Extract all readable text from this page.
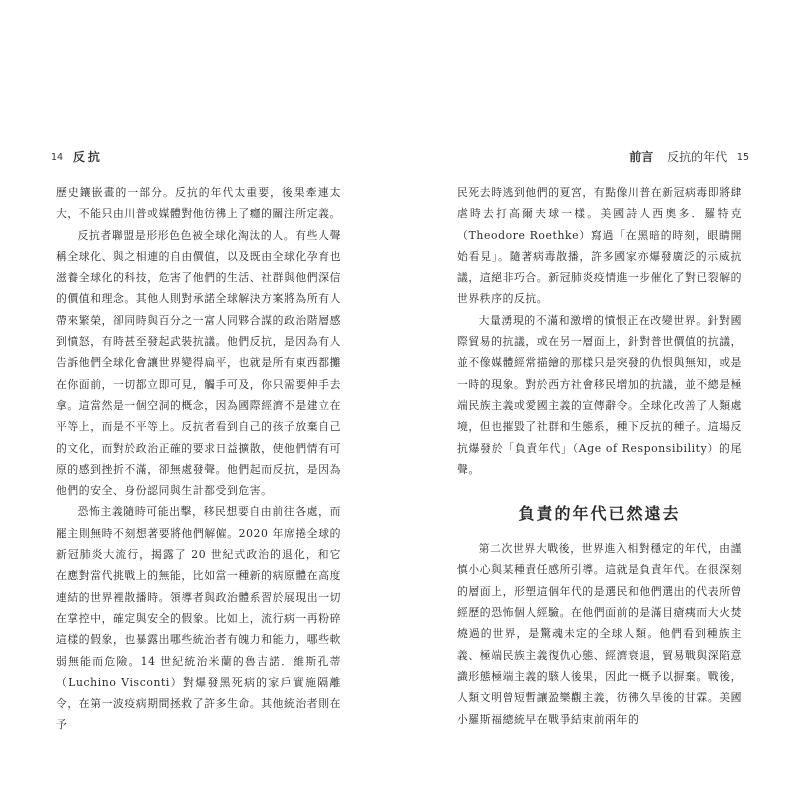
14 反抗

歷史鑲嵌畫的一部分。反抗的年代太重要，後果牽連太大，不能只由川普或媒體對他彷彿上了癮的關注所定義。

反抗者聯盟是形形色色被全球化淘汰的人。有些人聲稱全球化、與之相連的自由價值，以及既由全球化孕育也滋養全球化的科技，危害了他們的生活、社群與他們深信的價值和理念。其他人則對承諾全球解決方案將為所有人帶來繁榮，卻同時與百分之一富人同夥合謀的政治階層感到憤怒，有時甚至發起武裝抗議。他們反抗，是因為有人告訴他們全球化會讓世界變得扁平，也就是所有東西都攤在你面前，一切都立即可見，觸手可及，你只需要伸手去拿。這當然是一個空洞的概念，因為國際經濟不是建立在平等上，而是不平等上。反抗者看到自己的孩子放棄自己的文化，而對於政治正確的要求日益擴散，使他們情有可原的感到挫折不滿，卻無處發聲。他們起而反抗，是因為他們的安全、身份認同與生計都受到危害。

恐怖主義隨時可能出擊，移民想要自由前往各處，而罷主則無時不刻想著要將他們解僱。2020 年席捲全球的新冠肺炎大流行，揭露了 20 世紀式政治的退化，和它在應對當代挑戰上的無能，比如當一種新的病原體在高度連結的世界裡散播時。領導者與政治體系習於展現出一切在掌控中，確定與安全的假象。比如上，流行病一再粉碎這樣的假象，也暴露出哪些統治者有魄力和能力，哪些軟弱無能而危險。14 世紀統治米蘭的魯吉諾．維斯孔蒂（Luchino Visconti）對爆發黑死病的家戶實施隔離令，在第一波疫病期間拯救了許多生命。其他統治者則在予

前言 反抗的年代 15

民死去時逃到他們的夏宮，有點像川普在新冠病毒即將肆虐時去打高爾夫球一樣。美國詩人西奧多．羅特克（Theodore Roethke）寫過「在黑暗的時刻，眼睛開始看見」。隨著病毒散播，許多國家亦爆發廣泛的示威抗議，這絕非巧合。新冠肺炎疫情進一步催化了對已裂解的世界秩序的反抗。

大量湧現的不滿和激增的憤恨正在改變世界。針對國際貿易的抗議，或在另一層面上，針對普世價值的抗議，並不像媒體經常描繪的那樣只是突發的仇恨與無知，或是一時的現象。對於西方社會移民增加的抗議，並不總是極端民族主義或愛國主義的宣傳辭令。全球化改善了人類處境，但也摧毀了社群和生態系，種下反抗的種子。這場反抗爆發於「負責年代」（Age of Responsibility）的尾聲。

負責的年代已然遠去

第二次世界大戰後，世界進入相對穩定的年代，由謹慎小心與某種責任感所引導。這就是負責年代。在很深刻的層面上，形塑這個年代的是選民和他們選出的代表所曾經歷的恐怖個人經驗。在他們面前的是滿目瘡痍而大火焚燒過的世界，是驚魂未定的全球人類。他們看到種族主義、極端民族主義復仇心態、經濟衰退，貿易戰與深陷意識形態極端主義的駭人後果，因此一概予以摒棄。戰後，人類文明曾短暫讓盈樂觀主義，彷彿久旱後的甘霖。美國小羅斯福總統早在戰爭結束前兩年的
